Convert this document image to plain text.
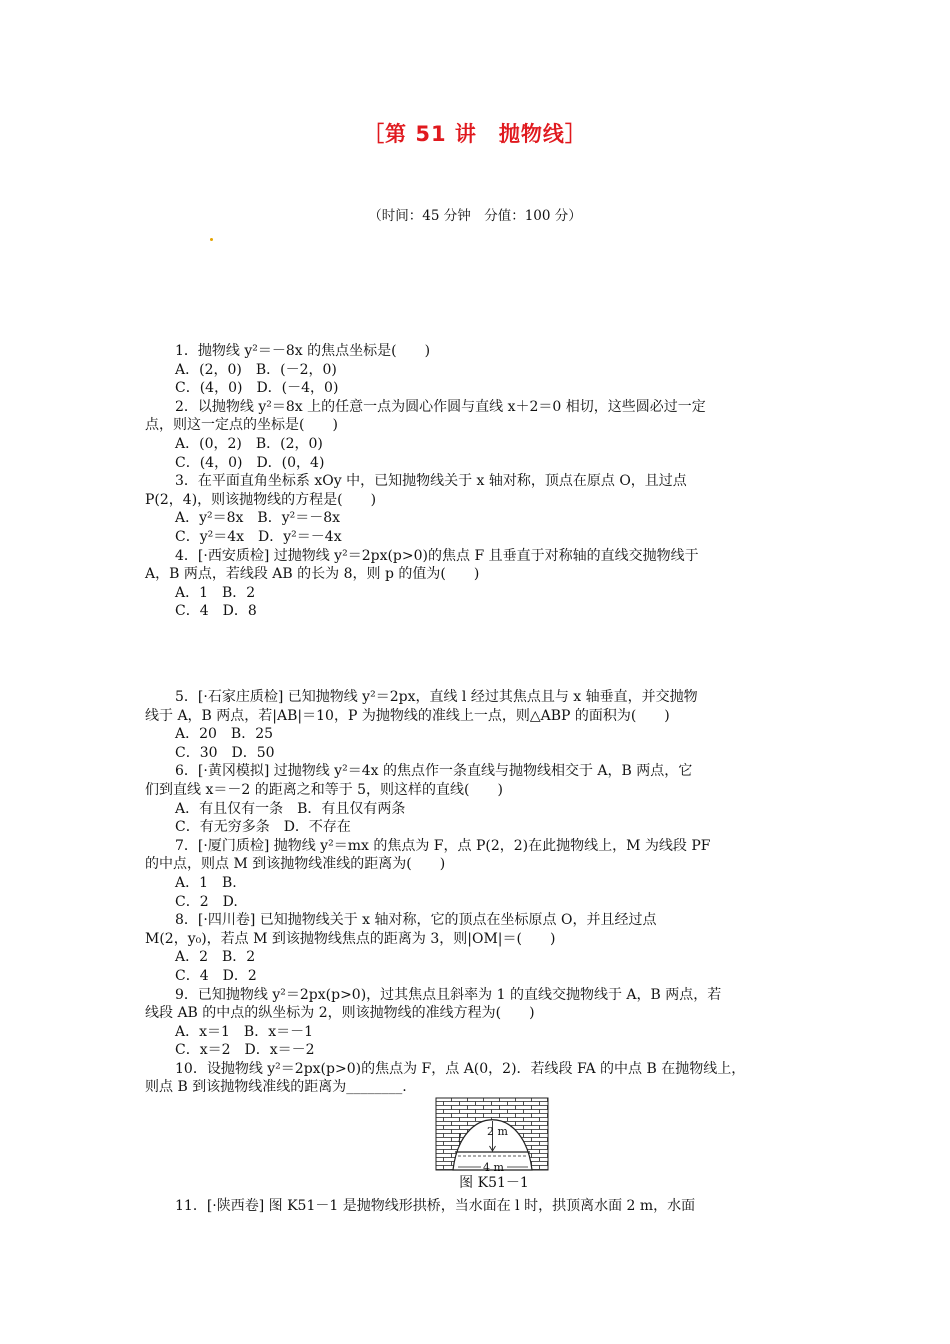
［第 51 讲　抛物线］
（时间：45 分钟　分值：100 分）
1．抛物线 y²＝－8x 的焦点坐标是(　　)
A．(2，0)　B．(－2，0)
C．(4，0)　D．(－4，0)
2．以抛物线 y²＝8x 上的任意一点为圆心作圆与直线 x＋2＝0 相切，这些圆必过一定
点，则这一定点的坐标是(　　)
A．(0，2)　B．(2，0)
C．(4，0)　D．(0，4)
3．在平面直角坐标系 xOy 中，已知抛物线关于 x 轴对称，顶点在原点 O，且过点
P(2，4)，则该抛物线的方程是(　　)
A．y²＝8x　B．y²＝－8x
C．y²＝4x　D．y²＝－4x
4．[·西安质检] 过抛物线 y²＝2px(p>0)的焦点 F 且垂直于对称轴的直线交抛物线于
A，B 两点，若线段 AB 的长为 8，则 p 的值为(　　)
A．1　B．2
C．4　D．8
5．[·石家庄质检] 已知抛物线 y²＝2px，直线 l 经过其焦点且与 x 轴垂直，并交抛物
线于 A，B 两点，若|AB|＝10，P 为抛物线的准线上一点，则△ABP 的面积为(　　)
A．20　B．25
C．30　D．50
6．[·黄冈模拟] 过抛物线 y²＝4x 的焦点作一条直线与抛物线相交于 A，B 两点，它
们到直线 x＝－2 的距离之和等于 5，则这样的直线(　　)
A．有且仅有一条　B．有且仅有两条
C．有无穷多条　D．不存在
7．[·厦门质检] 抛物线 y²＝mx 的焦点为 F，点 P(2，2)在此抛物线上，M 为线段 PF
的中点，则点 M 到该抛物线准线的距离为(　　)
A．1　B.
C．2　D.
8．[·四川卷] 已知抛物线关于 x 轴对称，它的顶点在坐标原点 O，并且经过点
M(2，y₀)，若点 M 到该抛物线焦点的距离为 3，则|OM|＝(　　)
A．2　B．2
C．4　D．2
9．已知抛物线 y²＝2px(p>0)，过其焦点且斜率为 1 的直线交抛物线于 A，B 两点，若
线段 AB 的中点的纵坐标为 2，则该抛物线的准线方程为(　　)
A．x＝1　B．x＝－1
C．x＝2　D．x＝－2
10．设抛物线 y²＝2px(p>0)的焦点为 F，点 A(0，2)．若线段 FA 的中点 B 在抛物线上，
则点 B 到该抛物线准线的距离为________.
2 m
l
4 m
图 K51－1
11．[·陕西卷] 图 K51－1 是抛物线形拱桥，当水面在 l 时，拱顶离水面 2 m，水面
